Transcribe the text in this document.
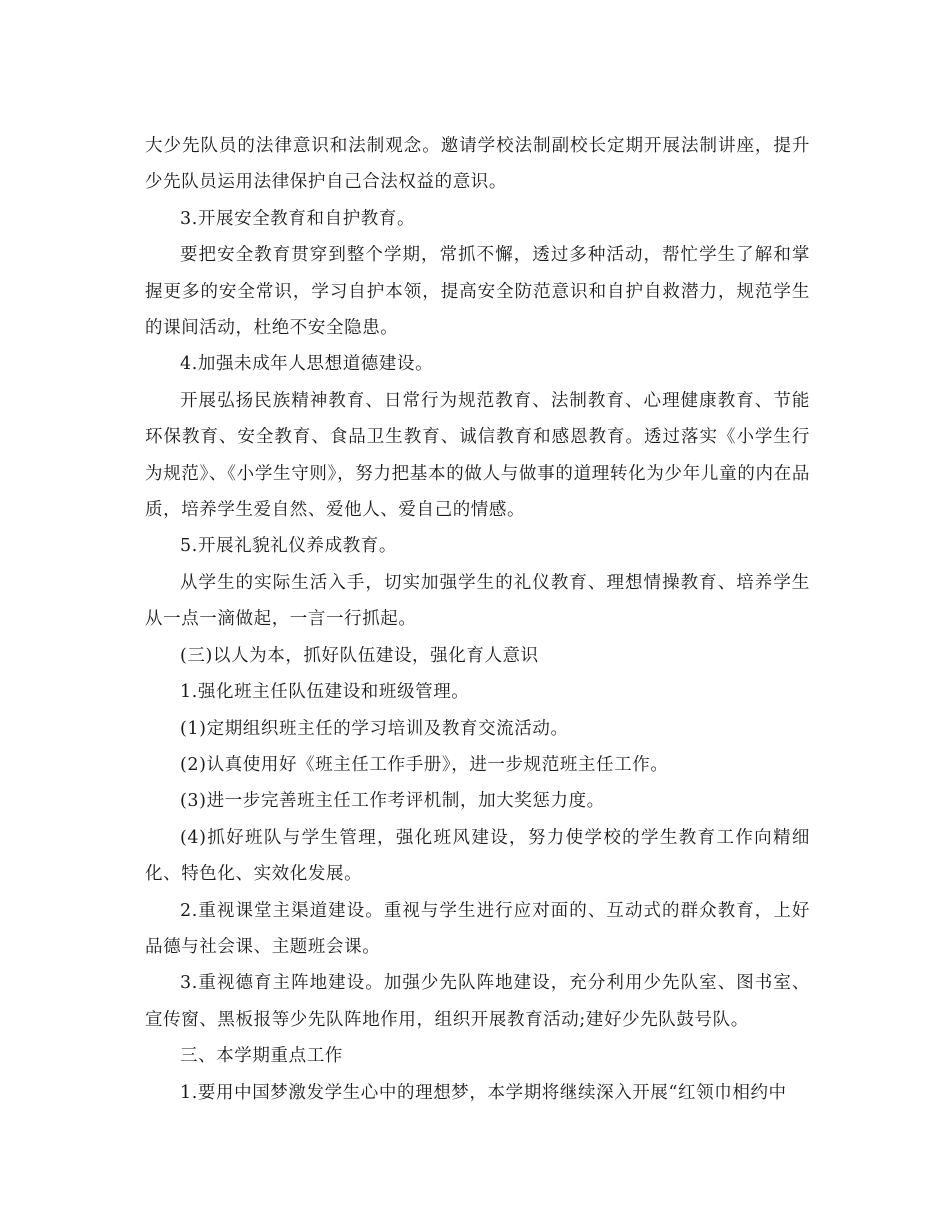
大少先队员的法律意识和法制观念。邀请学校法制副校长定期开展法制讲座，提升少先队员运用法律保护自己合法权益的意识。

3.开展安全教育和自护教育。

要把安全教育贯穿到整个学期，常抓不懈，透过多种活动，帮忙学生了解和掌握更多的安全常识，学习自护本领，提高安全防范意识和自护自救潜力，规范学生的课间活动，杜绝不安全隐患。

4.加强未成年人思想道德建设。

开展弘扬民族精神教育、日常行为规范教育、法制教育、心理健康教育、节能环保教育、安全教育、食品卫生教育、诚信教育和感恩教育。透过落实《小学生行为规范》、《小学生守则》，努力把基本的做人与做事的道理转化为少年儿童的内在品质，培养学生爱自然、爱他人、爱自己的情感。

5.开展礼貌礼仪养成教育。

从学生的实际生活入手，切实加强学生的礼仪教育、理想情操教育、培养学生从一点一滴做起，一言一行抓起。

(三)以人为本，抓好队伍建设，强化育人意识

1.强化班主任队伍建设和班级管理。

(1)定期组织班主任的学习培训及教育交流活动。

(2)认真使用好《班主任工作手册》，进一步规范班主任工作。

(3)进一步完善班主任工作考评机制，加大奖惩力度。

(4)抓好班队与学生管理，强化班风建设，努力使学校的学生教育工作向精细化、特色化、实效化发展。

2.重视课堂主渠道建设。重视与学生进行应对面的、互动式的群众教育，上好品德与社会课、主题班会课。

3.重视德育主阵地建设。加强少先队阵地建设，充分利用少先队室、图书室、宣传窗、黑板报等少先队阵地作用，组织开展教育活动;建好少先队鼓号队。

三、本学期重点工作

1.要用中国梦激发学生心中的理想梦，本学期将继续深入开展“红领巾相约中
